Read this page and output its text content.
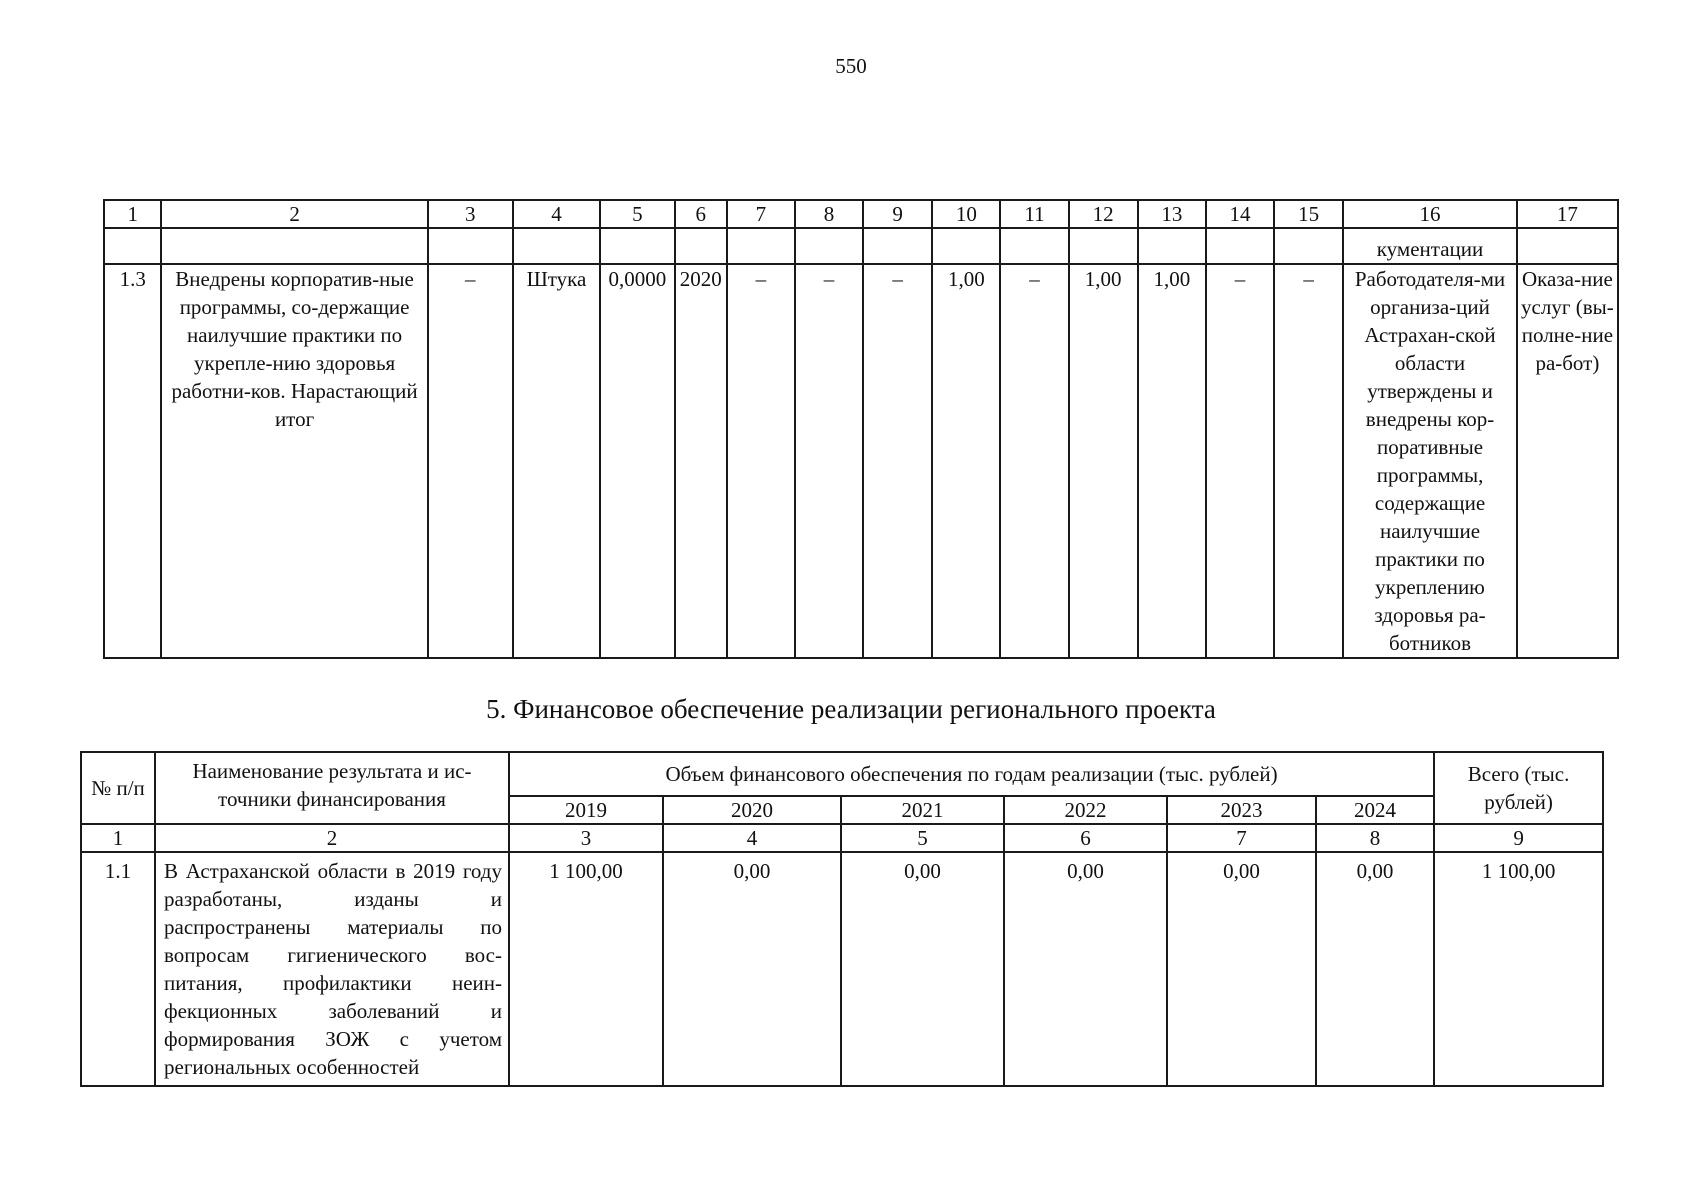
550
1	2	3	4	5	6	7	8	9	10	11	12	13	14	15	16	17
															кументации	
1.3	Внедрены корпоратив-ные программы, со-держащие наилучшие практики по укрепле-нию здоровья работни-ков. Нарастающий итог	–	Штука	0,0000	2020	–	–	–	1,00	–	1,00	1,00	–	–	Работодателя-ми организа-ций Астрахан-ской области утверждены и внедрены кор-поративные программы, содержащие наилучшие практики по укреплению здоровья ра-ботников	Оказа-ние услуг (вы-полне-ние ра-бот)
5. Финансовое обеспечение реализации регионального проекта
№ п/п	Наименование результата и ис-точники финансирования	Объем финансового обеспечения по годам реализации (тыс. рублей)						Всего (тыс. рублей)
		2019	2020	2021	2022	2023	2024	
1	2	3	4	5	6	7	8	9
1.1	В Астраханской области в 2019 году разработаны, изданы и распространены материалы по вопросам гигиенического вос-питания, профилактики неин-фекционных заболеваний и формирования ЗОЖ с учетом региональных особенностей	1 100,00	0,00	0,00	0,00	0,00	0,00	1 100,00
